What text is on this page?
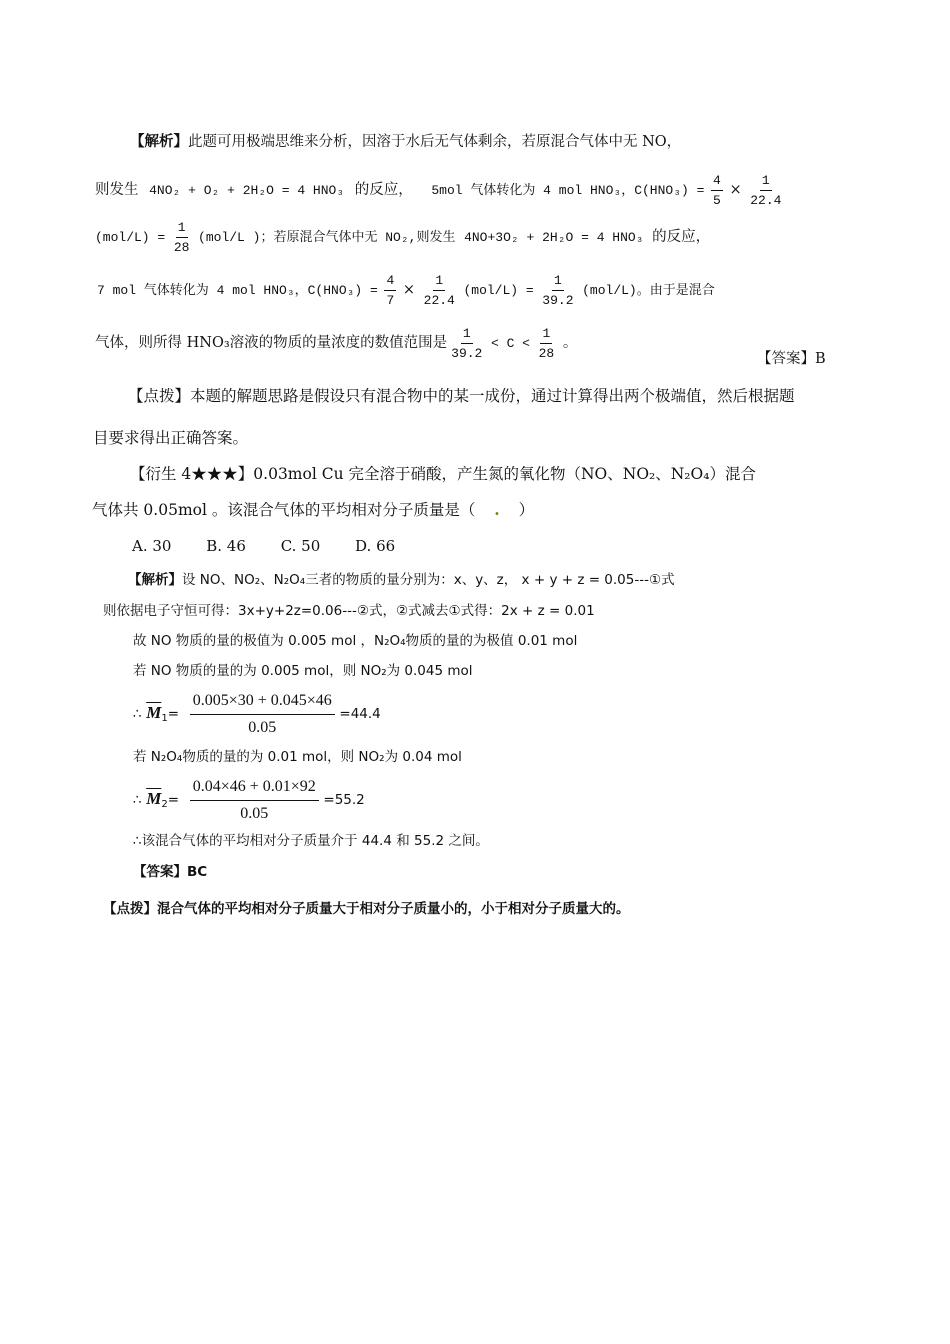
【解析】此题可用极端思维来分析，因溶于水后无气体剩余，若原混合气体中无 NO，
则发生 4NO₂ + O₂ + 2H₂O = 4 HNO₃ 的反应， 5mol 气体转化为 4 mol HNO₃，$C(HNO_3) = \frac{4}{5} \times \frac{1}{22.4}$
$(mol/L) = \frac{1}{28} (mol/L$ )；若原混合气体中无 NO₂,则发生 4NO+3O₂ + 2H₂O = 4 HNO₃ 的反应，
7 mol 气体转化为 4 mol HNO₃，$C(HNO_3) = \frac{4}{7} \times \frac{1}{22.4} (mol/L) = \frac{1}{39.2} (mol/L)$。由于是混合
气体，则所得 HNO₃溶液的物质的量浓度的数值范围是 $\frac{1}{39.2} < C < \frac{1}{28}$ 。
【答案】B
【点拨】本题的解题思路是假设只有混合物中的某一成份，通过计算得出两个极端值，然后根据题
目要求得出正确答案。
【衍生 4★★★】0.03mol Cu 完全溶于硝酸，产生氮的氧化物（NO、NO₂、N₂O₄）混合
气体共 0.05mol 。该混合气体的平均相对分子质量是（ . ）
A. 30 B. 46 C. 50 D. 66
【解析】设 NO、NO₂、N₂O₄三者的物质的量分别为：x、y、z， x + y + z = 0.05---①式
则依据电子守恒可得：3x+y+2z=0.06---②式，②式减去①式得：2x + z = 0.01
故 NO 物质的量的极值为 0.005 mol ，N₂O₄物质的量的为极值 0.01 mol
若 NO 物质的量的为 0.005 mol，则 NO₂为 0.045 mol
∴ $\overline{M}_1= \frac{0.005\times 30 + 0.045\times 46}{0.05} =44.4$
若 N₂O₄物质的量的为 0.01 mol，则 NO₂为 0.04 mol
∴ $\overline{M}_2= \frac{0.04\times 46 + 0.01\times 92}{0.05} =55.2$
∴该混合气体的平均相对分子质量介于 44.4 和 55.2 之间。
【答案】BC
【点拨】混合气体的平均相对分子质量大于相对分子质量小的，小于相对分子质量大的。
